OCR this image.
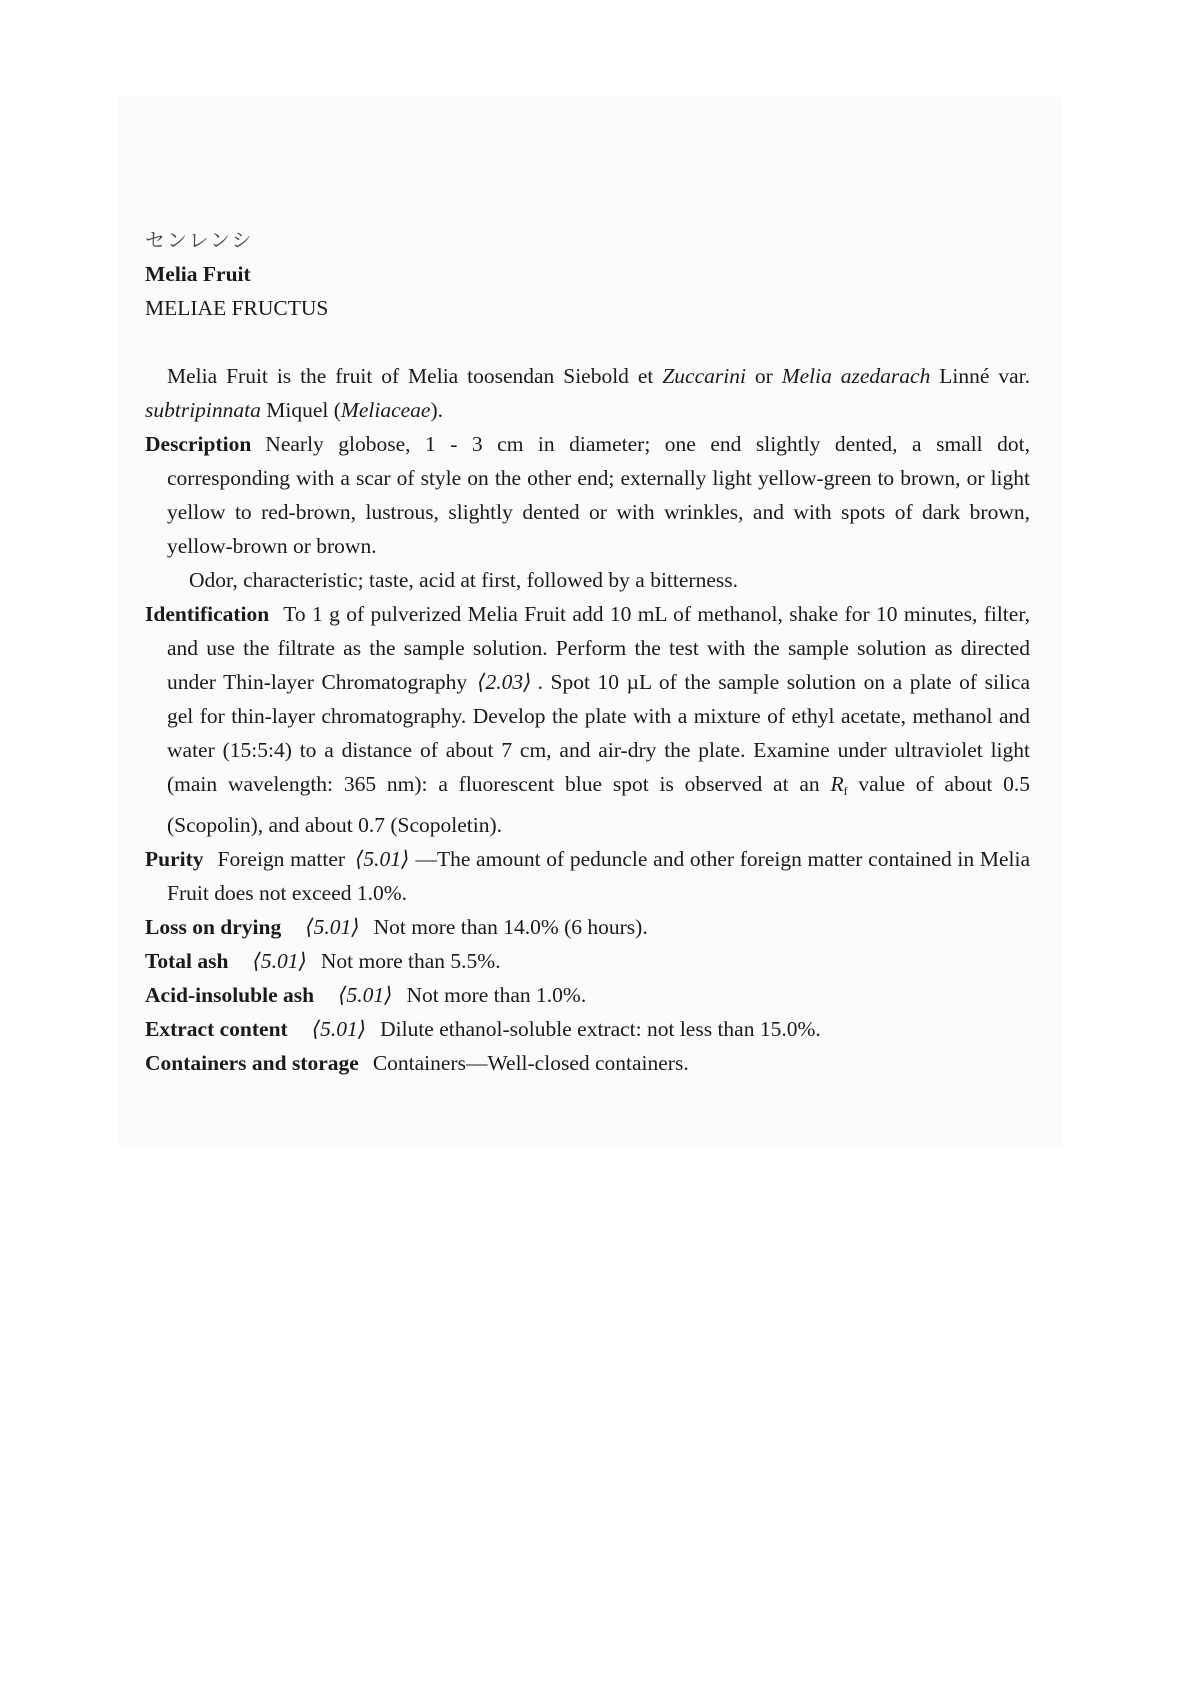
センレンシ

Melia Fruit

MELIAE FRUCTUS

Melia Fruit is the fruit of Melia toosendan Siebold et Zuccarini or Melia azedarach Linné var. subtripinnata Miquel (Meliaceae).

Description Nearly globose, 1 - 3 cm in diameter; one end slightly dented, a small dot, corresponding with a scar of style on the other end; externally light yellow-green to brown, or light yellow to red-brown, lustrous, slightly dented or with wrinkles, and with spots of dark brown, yellow-brown or brown.

Odor, characteristic; taste, acid at first, followed by a bitterness.

Identification To 1 g of pulverized Melia Fruit add 10 mL of methanol, shake for 10 minutes, filter, and use the filtrate as the sample solution. Perform the test with the sample solution as directed under Thin-layer Chromatography ⟨2.03⟩ . Spot 10 µL of the sample solution on a plate of silica gel for thin-layer chromatography. Develop the plate with a mixture of ethyl acetate, methanol and water (15:5:4) to a distance of about 7 cm, and air-dry the plate. Examine under ultraviolet light (main wavelength: 365 nm): a fluorescent blue spot is observed at an $R_f$ value of about 0.5 (Scopolin), and about 0.7 (Scopoletin).

Purity Foreign matter ⟨5.01⟩ —The amount of peduncle and other foreign matter contained in Melia Fruit does not exceed 1.0%.

Loss on drying ⟨5.01⟩ Not more than 14.0% (6 hours).

Total ash ⟨5.01⟩ Not more than 5.5%.

Acid-insoluble ash ⟨5.01⟩ Not more than 1.0%.

Extract content ⟨5.01⟩ Dilute ethanol-soluble extract: not less than 15.0%.

Containers and storage Containers—Well-closed containers.
